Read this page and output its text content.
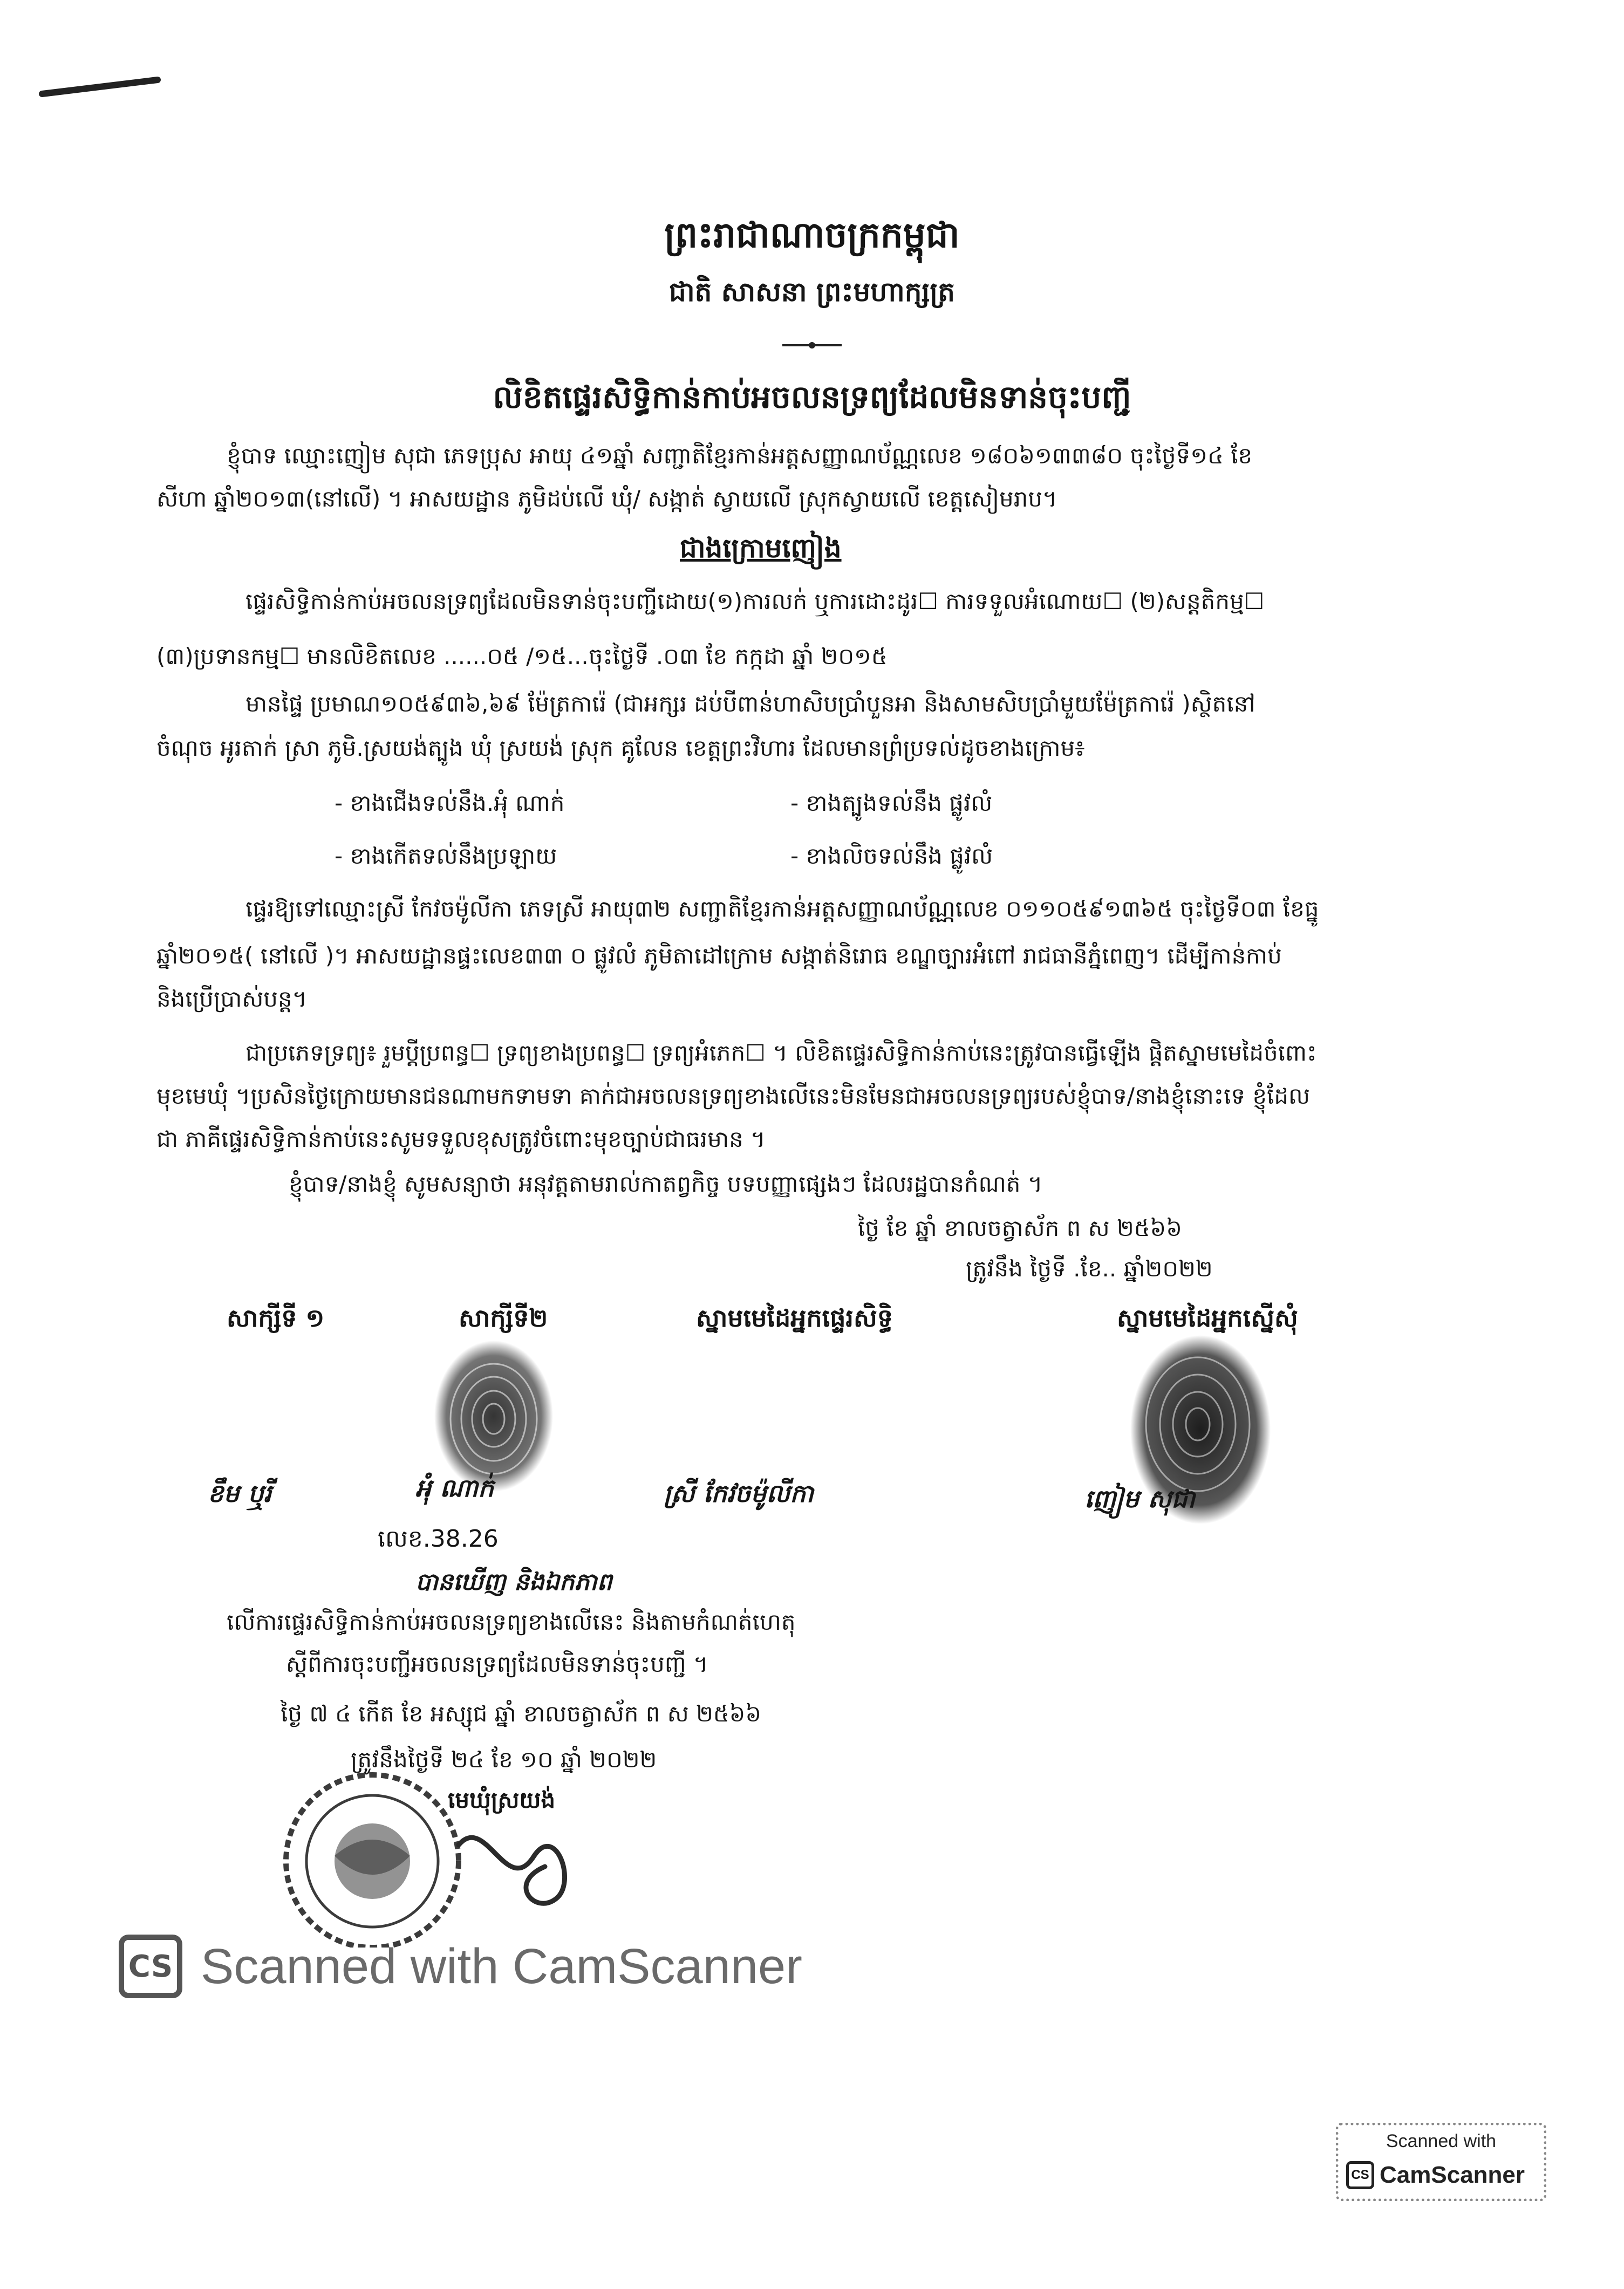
ព្រះរាជាណាចក្រកម្ពុជា
ជាតិ សាសនា ព្រះមហាក្សត្រ
លិខិតផ្ទេរសិទ្ធិកាន់កាប់អចលនទ្រព្យដែលមិនទាន់ចុះបញ្ជី
ខ្ញុំបាទ ឈ្មោះញៀម សុជា ភេទប្រុស អាយុ ៤១ឆ្នាំ សញ្ជាតិខ្មែរកាន់អត្តសញ្ញាណប័ណ្ណលេខ ១៨០៦១៣៣៨០ ចុះថ្ងៃទី១៤ ខែ
សីហា ឆ្នាំ២០១៣(នៅលើ) ។ អាសយដ្ឋាន ភូមិដប់លើ ឃុំ/ សង្កាត់ ស្វាយលើ ស្រុកស្វាយលើ ខេត្តសៀមរាប។
ជាងក្រោមញៀង
ផ្ទេរសិទ្ធិកាន់កាប់អចលនទ្រព្យដែលមិនទាន់ចុះបញ្ជីដោយ(១)ការលក់ ឬការដោះដូរ☐ ការទទួលអំណោយ☐ (២)សន្តតិកម្ម☐
(៣)ប្រទានកម្ម☐ មានលិខិតលេខ ......០៥ /១៥...ចុះថ្ងៃទី .០៣ ខែ កក្កដា ឆ្នាំ ២០១៥
មានផ្ទៃ ប្រមាណ១០៥៩៣៦,៦៩ ម៉ែត្រការ៉េ (ជាអក្សរ ដប់បីពាន់ហាសិបប្រាំបួនអា និងសាមសិបប្រាំមួយម៉ែត្រការ៉េ )ស្ថិតនៅ
ចំណុច អូរតាក់ ស្រា ភូមិ.ស្រយង់ត្បូង ឃុំ ស្រយង់ ស្រុក គូលែន ខេត្តព្រះវិហារ ដែលមានព្រំប្រទល់ដូចខាងក្រោម៖
- ខាងជើងទល់នឹង.អុំ ណាក់	- ខាងត្បូងទល់នឹង ផ្លូវលំ
- ខាងកើតទល់នឹងប្រឡាយ	- ខាងលិចទល់នឹង ផ្លូវលំ
ផ្ទេរឱ្យទៅឈ្មោះស្រី កែវចម៉ូលីកា ភេទស្រី អាយុ៣២ សញ្ជាតិខ្មែរកាន់អត្តសញ្ញាណប័ណ្ណលេខ ០១១០៥៩១៣៦៥ ចុះថ្ងៃទី០៣ ខែធ្នូ
ឆ្នាំ២០១៥( នៅលើ )។ អាសយដ្ឋានផ្ទះលេខ៣៣ ០ ផ្លូវលំ ភូមិតាដៅក្រោម សង្កាត់និរោធ ខណ្ឌច្បារអំពៅ រាជធានីភ្នំពេញ។ ដើម្បីកាន់កាប់
និងប្រើប្រាស់បន្ត។
ជាប្រភេទទ្រព្យ៖ រួមប្ដីប្រពន្ធ☐ ទ្រព្យខាងប្រពន្ធ☐ ទ្រព្យអំភេក☐ ។ លិខិតផ្ទេរសិទ្ធិកាន់កាប់នេះត្រូវបានធ្វើឡើង ផ្តិតស្នាមមេដៃចំពោះ
មុខមេឃុំ ។ប្រសិនថ្ងៃក្រោយមានជនណាមកទាមទា គាក់ជាអចលនទ្រព្យខាងលើនេះមិនមែនជាអចលនទ្រព្យរបស់ខ្ញុំបាទ/នាងខ្ញុំនោះទេ ខ្ញុំដែល
ជា ភាគីផ្ទេរសិទ្ធិកាន់កាប់នេះសូមទទួលខុសត្រូវចំពោះមុខច្បាប់ជាធរមាន ។
ខ្ញុំបាទ/នាងខ្ញុំ សូមសន្យាថា អនុវត្តតាមរាល់កាតព្វកិច្ច បទបញ្ញាផ្សេងៗ ដែលរដ្ឋបានកំណត់ ។
ថ្ងៃ ខែ ឆ្នាំ ខាលចត្វាស័ក ព ស ២៥៦៦
ត្រូវនឹង ថ្ងៃទី .ខែ.. ឆ្នាំ២០២២
សាក្សីទី ១	សាក្សីទី២	ស្នាមមេដៃអ្នកផ្ទេរសិទ្ធិ	ស្នាមមេដៃអ្នកស្នើសុំ
ខឹម ឬរី	អុំ ណាក់	ស្រី កែវចម៉ូលីកា	ញៀម សុជា
លេខ.38.26
បានឃើញ និងឯកភាព
លើការផ្ទេរសិទ្ធិកាន់កាប់អចលនទ្រព្យខាងលើនេះ និងតាមកំណត់ហេតុ
ស្ដីពីការចុះបញ្ជីអចលនទ្រព្យដែលមិនទាន់ចុះបញ្ជី ។
ថ្ងៃ ៧ ៤ កើត ខែ អស្សុជ ឆ្នាំ ខាលចត្វាស័ក ព ស ២៥៦៦
ត្រូវនឹងថ្ងៃទី ២៤ ខែ ១០ ឆ្នាំ ២០២២
មេឃុំស្រយង់
CS Scanned with CamScanner
Scanned with
CS CamScanner
